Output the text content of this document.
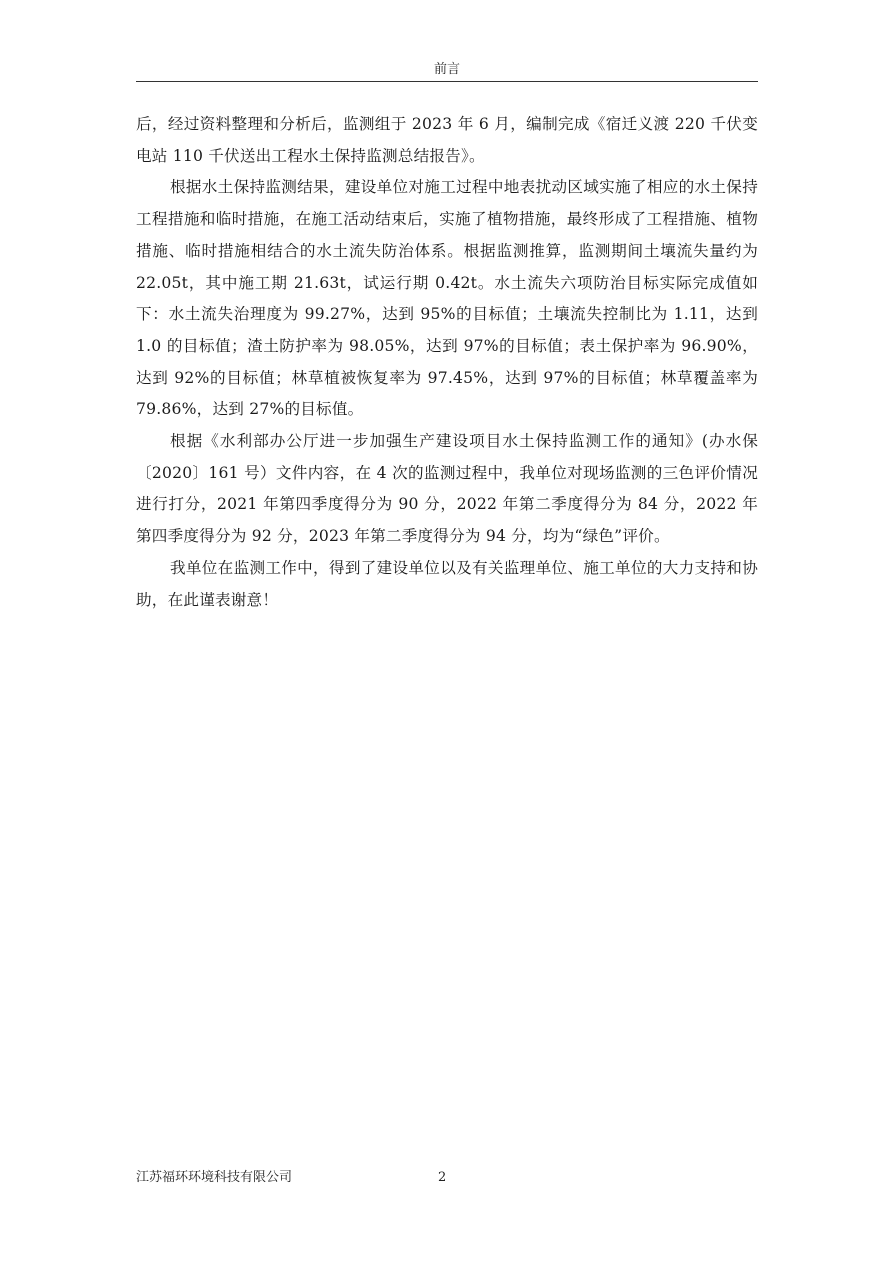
前言

后，经过资料整理和分析后，监测组于 2023 年 6 月，编制完成《宿迁义渡 220 千伏变电站 110 千伏送出工程水土保持监测总结报告》。

根据水土保持监测结果，建设单位对施工过程中地表扰动区域实施了相应的水土保持工程措施和临时措施，在施工活动结束后，实施了植物措施，最终形成了工程措施、植物措施、临时措施相结合的水土流失防治体系。根据监测推算，监测期间土壤流失量约为 22.05t，其中施工期 21.63t，试运行期 0.42t。水土流失六项防治目标实际完成值如下：水土流失治理度为 99.27%，达到 95%的目标值；土壤流失控制比为 1.11，达到 1.0 的目标值；渣土防护率为 98.05%，达到 97%的目标值；表土保护率为 96.90%，达到 92%的目标值；林草植被恢复率为 97.45%，达到 97%的目标值；林草覆盖率为 79.86%，达到 27%的目标值。

根据《水利部办公厅进一步加强生产建设项目水土保持监测工作的通知》(办水保〔2020〕161 号）文件内容，在 4 次的监测过程中，我单位对现场监测的三色评价情况进行打分，2021 年第四季度得分为 90 分，2022 年第二季度得分为 84 分，2022 年第四季度得分为 92 分，2023 年第二季度得分为 94 分，均为“绿色”评价。

我单位在监测工作中，得到了建设单位以及有关监理单位、施工单位的大力支持和协助，在此谨表谢意！

江苏福环环境科技有限公司	2
